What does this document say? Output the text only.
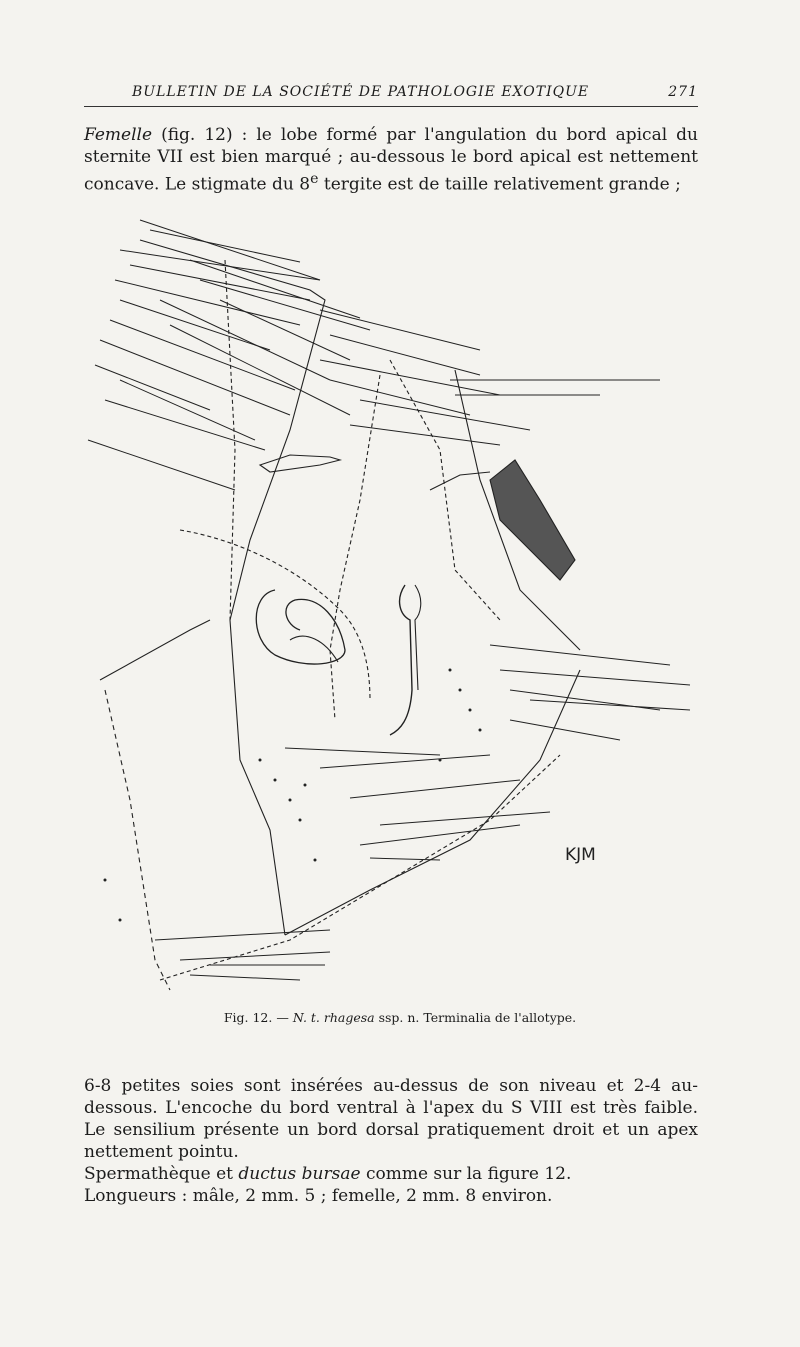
BULLETIN DE LA SOCIÉTÉ DE PATHOLOGIE EXOTIQUE	271
Femelle (fig. 12) : le lobe formé par l'angulation du bord apical du sternite VII est bien marqué ; au-dessous le bord apical est nettement concave. Le stigmate du 8e tergite est de taille relativement grande ;
KJM
Fig. 12. — N. t. rhagesa ssp. n. Terminalia de l'allotype.
6-8 petites soies sont insérées au-dessus de son niveau et 2-4 au-dessous. L'encoche du bord ventral à l'apex du S VIII est très faible. Le sensilium présente un bord dorsal pratiquement droit et un apex nettement pointu.
Spermathèque et ductus bursae comme sur la figure 12.
Longueurs : mâle, 2 mm. 5 ; femelle, 2 mm. 8 environ.
